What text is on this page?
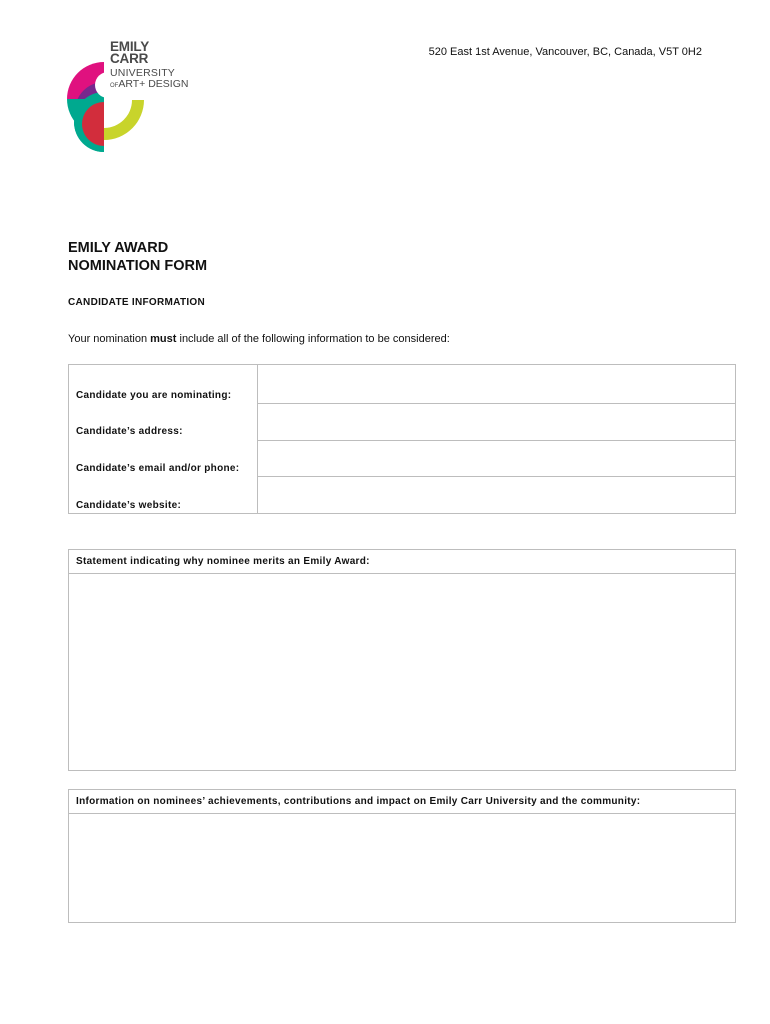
EMILY
CARR
UNIVERSITY
OFART+ DESIGN
520 East 1st Avenue, Vancouver, BC, Canada, V5T 0H2
EMILY AWARD
NOMINATION FORM
CANDIDATE INFORMATION
Your nomination must include all of the following information to be considered:
Candidate you are nominating:
Candidate’s address:
Candidate’s email and/or phone:
Candidate’s website:
Statement indicating why nominee merits an Emily Award:
Information on nominees’ achievements, contributions and impact on Emily Carr University and the community:
